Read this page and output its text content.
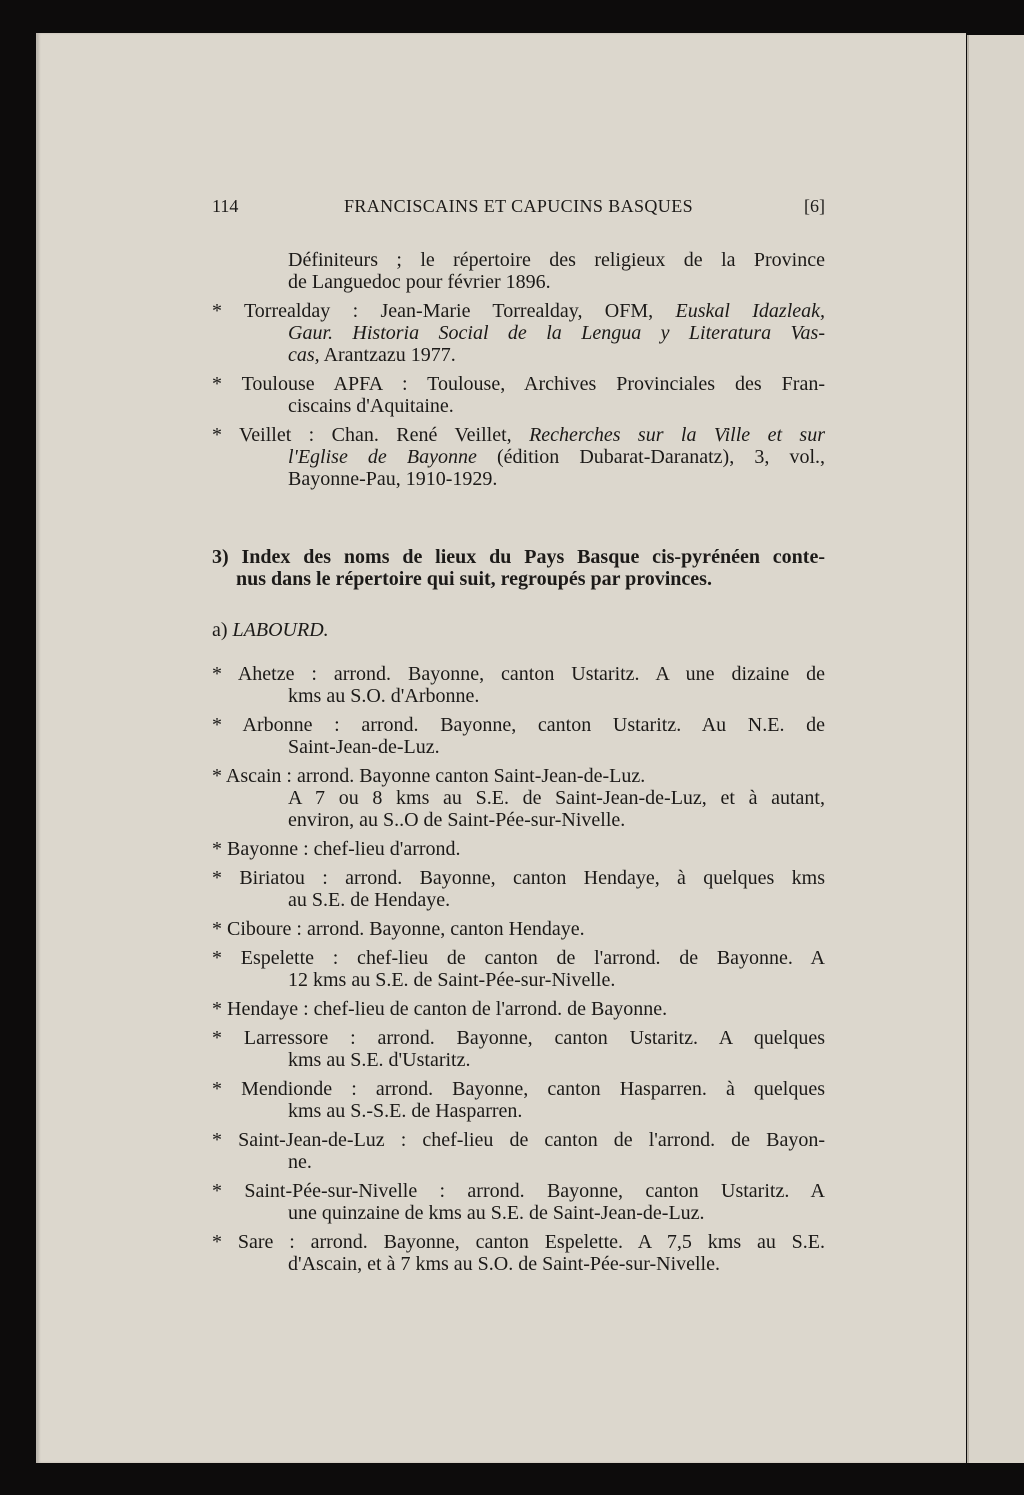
114	FRANCISCAINS ET CAPUCINS BASQUES	[6]
Définiteurs ; le répertoire des religieux de la Province
de Languedoc pour février 1896.
* Torrealday : Jean-Marie Torrealday, OFM, Euskal Idazleak,
Gaur. Historia Social de la Lengua y Literatura Vas-
cas, Arantzazu 1977.
* Toulouse APFA : Toulouse, Archives Provinciales des Fran-
ciscains d'Aquitaine.
* Veillet : Chan. René Veillet, Recherches sur la Ville et sur
l'Eglise de Bayonne (édition Dubarat-Daranatz), 3, vol.,
Bayonne-Pau, 1910-1929.
3) Index des noms de lieux du Pays Basque cis-pyrénéen conte-
nus dans le répertoire qui suit, regroupés par provinces.
a) LABOURD.
* Ahetze : arrond. Bayonne, canton Ustaritz. A une dizaine de
kms au S.O. d'Arbonne.
* Arbonne : arrond. Bayonne, canton Ustaritz. Au N.E. de
Saint-Jean-de-Luz.
* Ascain : arrond. Bayonne canton Saint-Jean-de-Luz.
A 7 ou 8 kms au S.E. de Saint-Jean-de-Luz, et à autant,
environ, au S..O de Saint-Pée-sur-Nivelle.
* Bayonne : chef-lieu d'arrond.
* Biriatou : arrond. Bayonne, canton Hendaye, à quelques kms
au S.E. de Hendaye.
* Ciboure : arrond. Bayonne, canton Hendaye.
* Espelette : chef-lieu de canton de l'arrond. de Bayonne. A
12 kms au S.E. de Saint-Pée-sur-Nivelle.
* Hendaye : chef-lieu de canton de l'arrond. de Bayonne.
* Larressore : arrond. Bayonne, canton Ustaritz. A quelques
kms au S.E. d'Ustaritz.
* Mendionde : arrond. Bayonne, canton Hasparren. à quelques
kms au S.-S.E. de Hasparren.
* Saint-Jean-de-Luz : chef-lieu de canton de l'arrond. de Bayon-
ne.
* Saint-Pée-sur-Nivelle : arrond. Bayonne, canton Ustaritz. A
une quinzaine de kms au S.E. de Saint-Jean-de-Luz.
* Sare : arrond. Bayonne, canton Espelette. A 7,5 kms au S.E.
d'Ascain, et à 7 kms au S.O. de Saint-Pée-sur-Nivelle.
